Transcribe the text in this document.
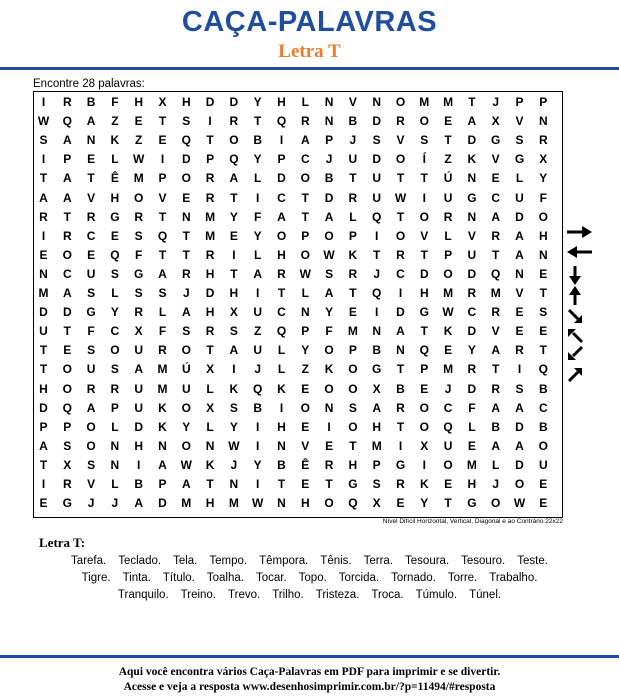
CAÇA-PALAVRAS
Letra T
Encontre 28 palavras:
I	R	B	F	H	X	H	D	D	Y	H	L	N	V	N	O	M	M	T	J	P	P
W	Q	A	Z	E	T	S	I	R	T	Q	R	N	B	D	R	O	E	A	X	V	N
S	A	N	K	Z	E	Q	T	O	B	I	A	P	J	S	V	S	T	D	G	S	R
I	P	E	L	W	I	D	P	Q	Y	P	C	J	U	D	O	Í	Z	K	V	G	X
T	A	T	Ê	M	P	O	R	A	L	D	O	B	T	U	T	T	Ú	N	E	L	Y
A	A	V	H	O	V	E	R	T	I	C	T	D	R	U	W	I	U	G	C	U	F
R	T	R	G	R	T	N	M	Y	F	A	T	A	L	Q	T	O	R	N	A	D	O
I	R	C	E	S	Q	T	M	E	Y	O	P	O	P	I	O	V	L	V	R	A	H
E	O	E	Q	F	T	T	R	I	L	H	O	W	K	T	R	T	P	U	T	A	N
N	C	U	S	G	A	R	H	T	A	R	W	S	R	J	C	D	O	D	Q	N	E
M	A	S	L	S	S	J	D	H	I	T	L	A	T	Q	I	H	M	R	M	V	T
D	D	G	Y	R	L	A	H	X	U	C	N	Y	E	I	D	G	W	C	R	E	S
U	T	F	C	X	F	S	R	S	Z	Q	P	F	M	N	A	T	K	D	V	E	E
T	E	S	O	U	R	O	T	A	U	L	Y	O	P	B	N	Q	E	Y	A	R	T
T	O	U	S	A	M	Ú	X	I	J	L	Z	K	O	G	T	P	M	R	T	I	Q
H	O	R	R	U	M	U	L	K	Q	K	E	O	O	X	B	E	J	D	R	S	B
D	Q	A	P	U	K	O	X	S	B	I	O	N	S	A	R	O	C	F	A	A	C
P	P	O	L	D	K	Y	L	Y	I	H	E	I	O	H	T	O	Q	L	B	D	B
A	S	O	N	H	N	O	N	W	I	N	V	E	T	M	I	X	U	E	A	A	O
T	X	S	N	I	A	W	K	J	Y	B	Ê	R	H	P	G	I	O	M	L	D	U
I	R	V	L	B	P	A	T	N	I	T	E	T	G	S	R	K	E	H	J	O	E
E	G	J	J	A	D	M	H	M	W	N	H	O	Q	X	E	Y	T	G	O	W	E
Nível Difícil Horizontal, Vertical, Diagonal e ao Contrário 22x22
Letra T:
Tarefa. Teclado. Tela. Tempo. Têmpora. Tênis. Terra. Tesoura. Tesouro. Teste.
Tigre. Tinta. Título. Toalha. Tocar. Topo. Torcida. Tornado. Torre. Trabalho.
Tranquilo. Treino. Trevo. Trilho. Tristeza. Troca. Túmulo. Túnel.
Aqui você encontra vários Caça-Palavras em PDF para imprimir e se divertir.
Acesse e veja a resposta www.desenhosimprimir.com.br/?p=11494/#resposta
